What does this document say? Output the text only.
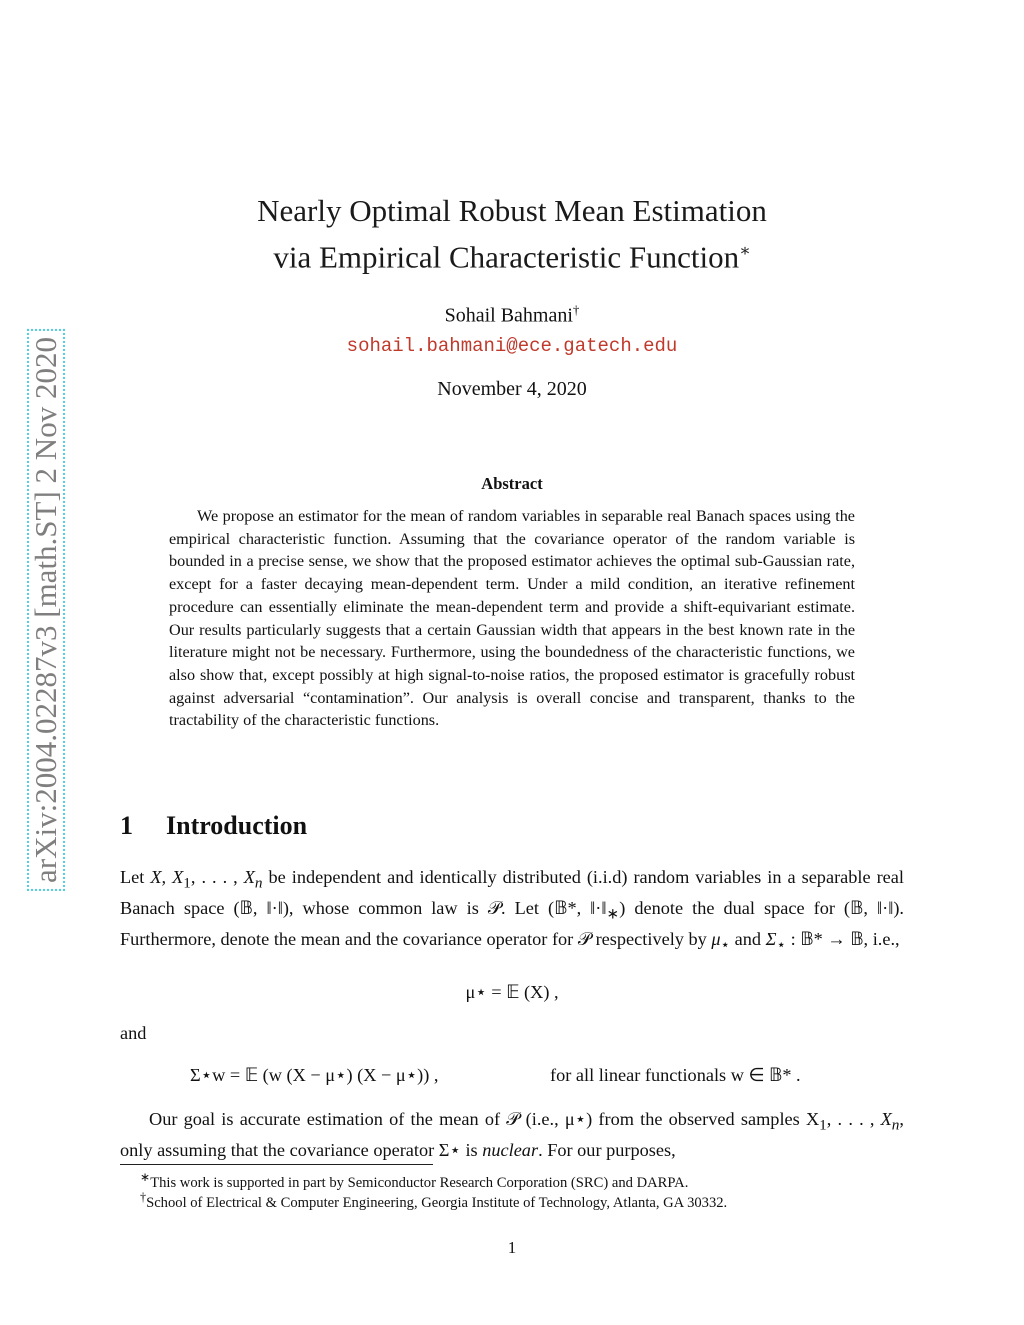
arXiv:2004.02287v3 [math.ST] 2 Nov 2020
Nearly Optimal Robust Mean Estimation
via Empirical Characteristic Function∗
Sohail Bahmani†
sohail.bahmani@ece.gatech.edu
November 4, 2020
Abstract
We propose an estimator for the mean of random variables in separable real Banach spaces using the empirical characteristic function. Assuming that the covariance operator of the random variable is bounded in a precise sense, we show that the proposed estimator achieves the optimal sub-Gaussian rate, except for a faster decaying mean-dependent term. Under a mild condition, an iterative refinement procedure can essentially eliminate the mean-dependent term and provide a shift-equivariant estimate. Our results particularly suggests that a certain Gaussian width that appears in the best known rate in the literature might not be necessary. Furthermore, using the boundedness of the characteristic functions, we also show that, except possibly at high signal-to-noise ratios, the proposed estimator is gracefully robust against adversarial “contamination”. Our analysis is overall concise and transparent, thanks to the tractability of the characteristic functions.
1 Introduction
Let X, $X_1$, . . . , $X_n$ be independent and identically distributed (i.i.d) random variables in a separable real Banach space (𝔹, ‖·‖), whose common law is 𝒫. Let (𝔹*, $‖\cdot‖_∗$) denote the dual space for (𝔹, ‖·‖). Furthermore, denote the mean and the covariance operator for 𝒫 respectively by $\mu_⋆$ and $\Sigma_⋆$ : 𝔹* → 𝔹, i.e.,
μ⋆ = 𝔼 (X) ,
and
Σ⋆w = 𝔼 (w (X − μ⋆) (X − μ⋆)) ,	for all linear functionals w ∈ 𝔹* .
Our goal is accurate estimation of the mean of 𝒫 (i.e., μ⋆) from the observed samples $X_1$, . . . , $X_n$, only assuming that the covariance operator Σ⋆ is nuclear. For our purposes,
∗This work is supported in part by Semiconductor Research Corporation (SRC) and DARPA.
†School of Electrical & Computer Engineering, Georgia Institute of Technology, Atlanta, GA 30332.
1
